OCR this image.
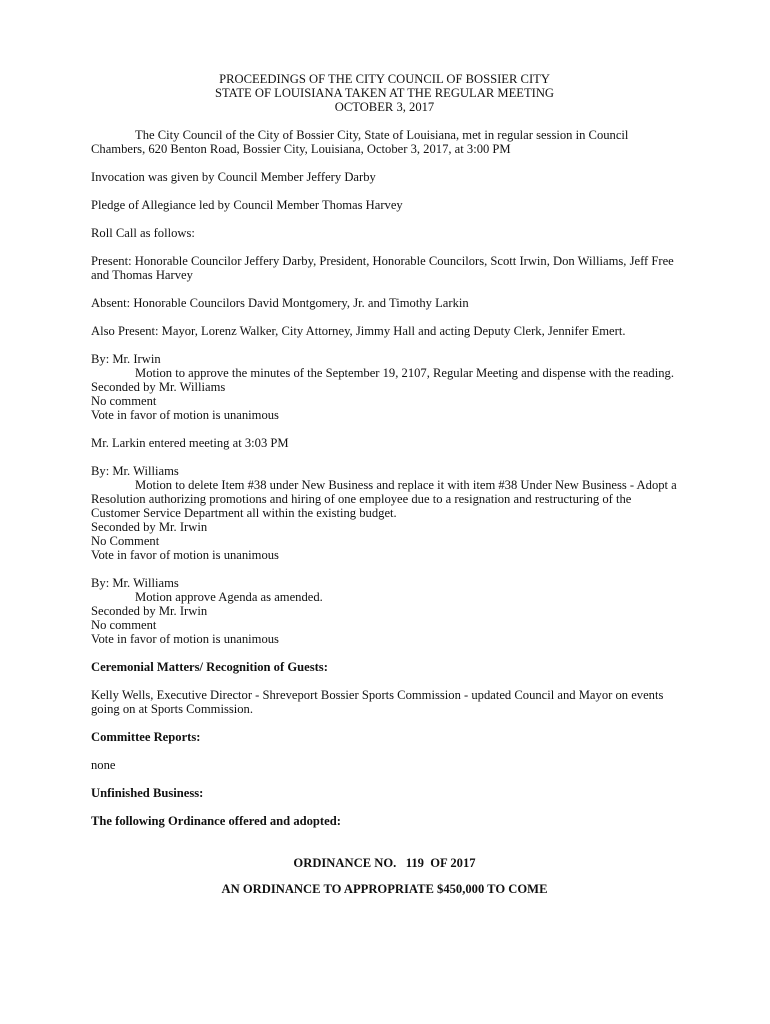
PROCEEDINGS OF THE CITY COUNCIL OF BOSSIER CITY
STATE OF LOUISIANA TAKEN AT THE REGULAR MEETING
OCTOBER 3, 2017

The City Council of the City of Bossier City, State of Louisiana, met in regular session in Council Chambers, 620 Benton Road, Bossier City, Louisiana, October 3, 2017, at 3:00 PM

Invocation was given by Council Member Jeffery Darby

Pledge of Allegiance led by Council Member Thomas Harvey

Roll Call as follows:

Present: Honorable Councilor Jeffery Darby, President, Honorable Councilors, Scott Irwin, Don Williams, Jeff Free and Thomas Harvey

Absent: Honorable Councilors David Montgomery, Jr. and Timothy Larkin

Also Present: Mayor, Lorenz Walker, City Attorney, Jimmy Hall and acting Deputy Clerk, Jennifer Emert.

By: Mr. Irwin

Motion to approve the minutes of the September 19, 2107, Regular Meeting and dispense with the reading.

Seconded by Mr. Williams

No comment

Vote in favor of motion is unanimous

Mr. Larkin entered meeting at 3:03 PM

By: Mr. Williams

Motion to delete Item #38 under New Business and replace it with item #38 Under New Business - Adopt a Resolution authorizing promotions and hiring of one employee due to a resignation and restructuring of the Customer Service Department all within the existing budget.

Seconded by Mr. Irwin

No Comment

Vote in favor of motion is unanimous

By: Mr. Williams

Motion approve Agenda as amended.

Seconded by Mr. Irwin

No comment

Vote in favor of motion is unanimous

Ceremonial Matters/ Recognition of Guests:

Kelly Wells, Executive Director - Shreveport Bossier Sports Commission - updated Council and Mayor on events going on at Sports Commission.

Committee Reports:

none

Unfinished Business:

The following Ordinance offered and adopted:

ORDINANCE NO.   119  OF 2017

AN ORDINANCE TO APPROPRIATE $450,000 TO COME
